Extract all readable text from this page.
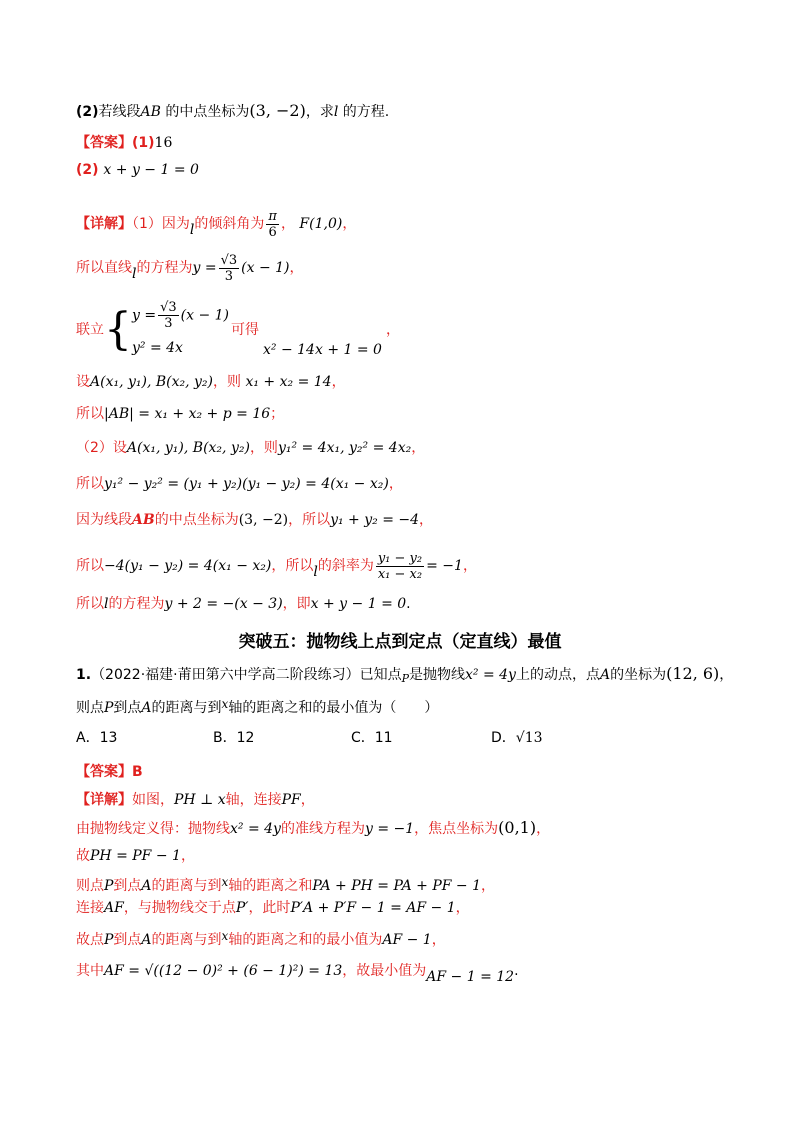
(2)若线段AB 的中点坐标为(3, −2)，求l 的方程.
【答案】(1)16
(2) x + y − 1 = 0
【详解】（1）因为l的倾斜角为 $\frac{\pi}{6}$ ， F(1,0)，
所以直线l的方程为$y = \frac{√3}{3} (x - 1)$，
联立{ $y = \frac{√3}{3} (x - 1)$
y² = 4x
可得x² − 14x + 1 = 0，
设A(x₁, y₁), B(x₂, y₂)，则 x₁ + x₂ = 14，
所以|AB| = x₁ + x₂ + p = 16；
（2）设A(x₁, y₁), B(x₂, y₂)，则y₁² = 4x₁, y₂² = 4x₂，
所以y₁² − y₂² = (y₁ + y₂)(y₁ − y₂) = 4(x₁ − x₂)，
因为线段AB的中点坐标为(3, −2)，所以y₁ + y₂ = −4，
所以−4(y₁ − y₂) = 4(x₁ − x₂)，所以l的斜率为 $\frac{\text{y₁ − y₂}}{\text{x₁ − x₂}} = -1$，
所以l的方程为y + 2 = −(x − 3)，即x + y − 1 = 0.
突破五：抛物线上点到定点（定直线）最值
1.（2022·福建·莆田第六中学高二阶段练习）已知点$_P$是抛物线x² = 4y上的动点，点A的坐标为(12, 6)，
则点P到点A的距离与到x轴的距离之和的最小值为（　　）
A．13	B．12	C．11	D．√13
【答案】B
【详解】如图，PH ⊥ x轴，连接PF，
由抛物线定义得：抛物线x² = 4y的准线方程为y = −1，焦点坐标为(0,1)，
故PH = PF − 1，
则点P到点A的距离与到x轴的距离之和PA + PH = PA + PF − 1，
连接AF，与抛物线交于点P′，此时P′A + P′F − 1 = AF − 1，
故点P到点A的距离与到x轴的距离之和的最小值为AF − 1，
其中AF = √((12 − 0)² + (6 − 1)²) = 13，故最小值为AF − 1 = 12.
